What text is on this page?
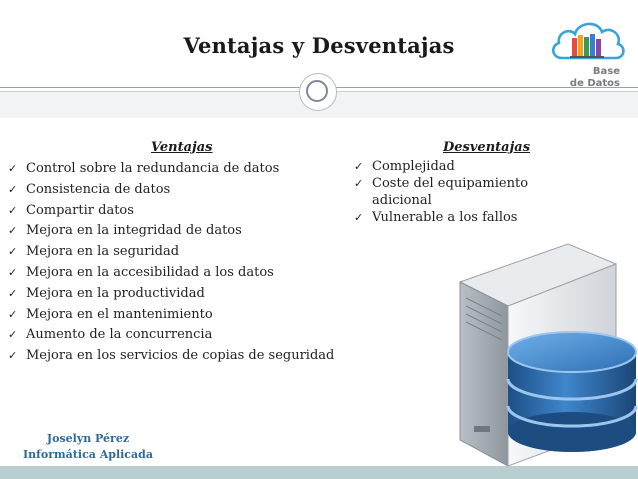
Ventajas y Desventajas
Base
de Datos
Ventajas
✓ Control sobre la redundancia de datos
✓ Consistencia de datos
✓ Compartir datos
✓ Mejora en la integridad de datos
✓ Mejora en la seguridad
✓ Mejora en la accesibilidad a los datos
✓ Mejora en la productividad
✓ Mejora en el mantenimiento
✓ Aumento de la concurrencia
✓ Mejora en los servicios de copias de seguridad
Desventajas
✓ Complejidad
✓ Coste del equipamiento adicional
✓ Vulnerable a los fallos
Joselyn Pérez
Informática Aplicada
